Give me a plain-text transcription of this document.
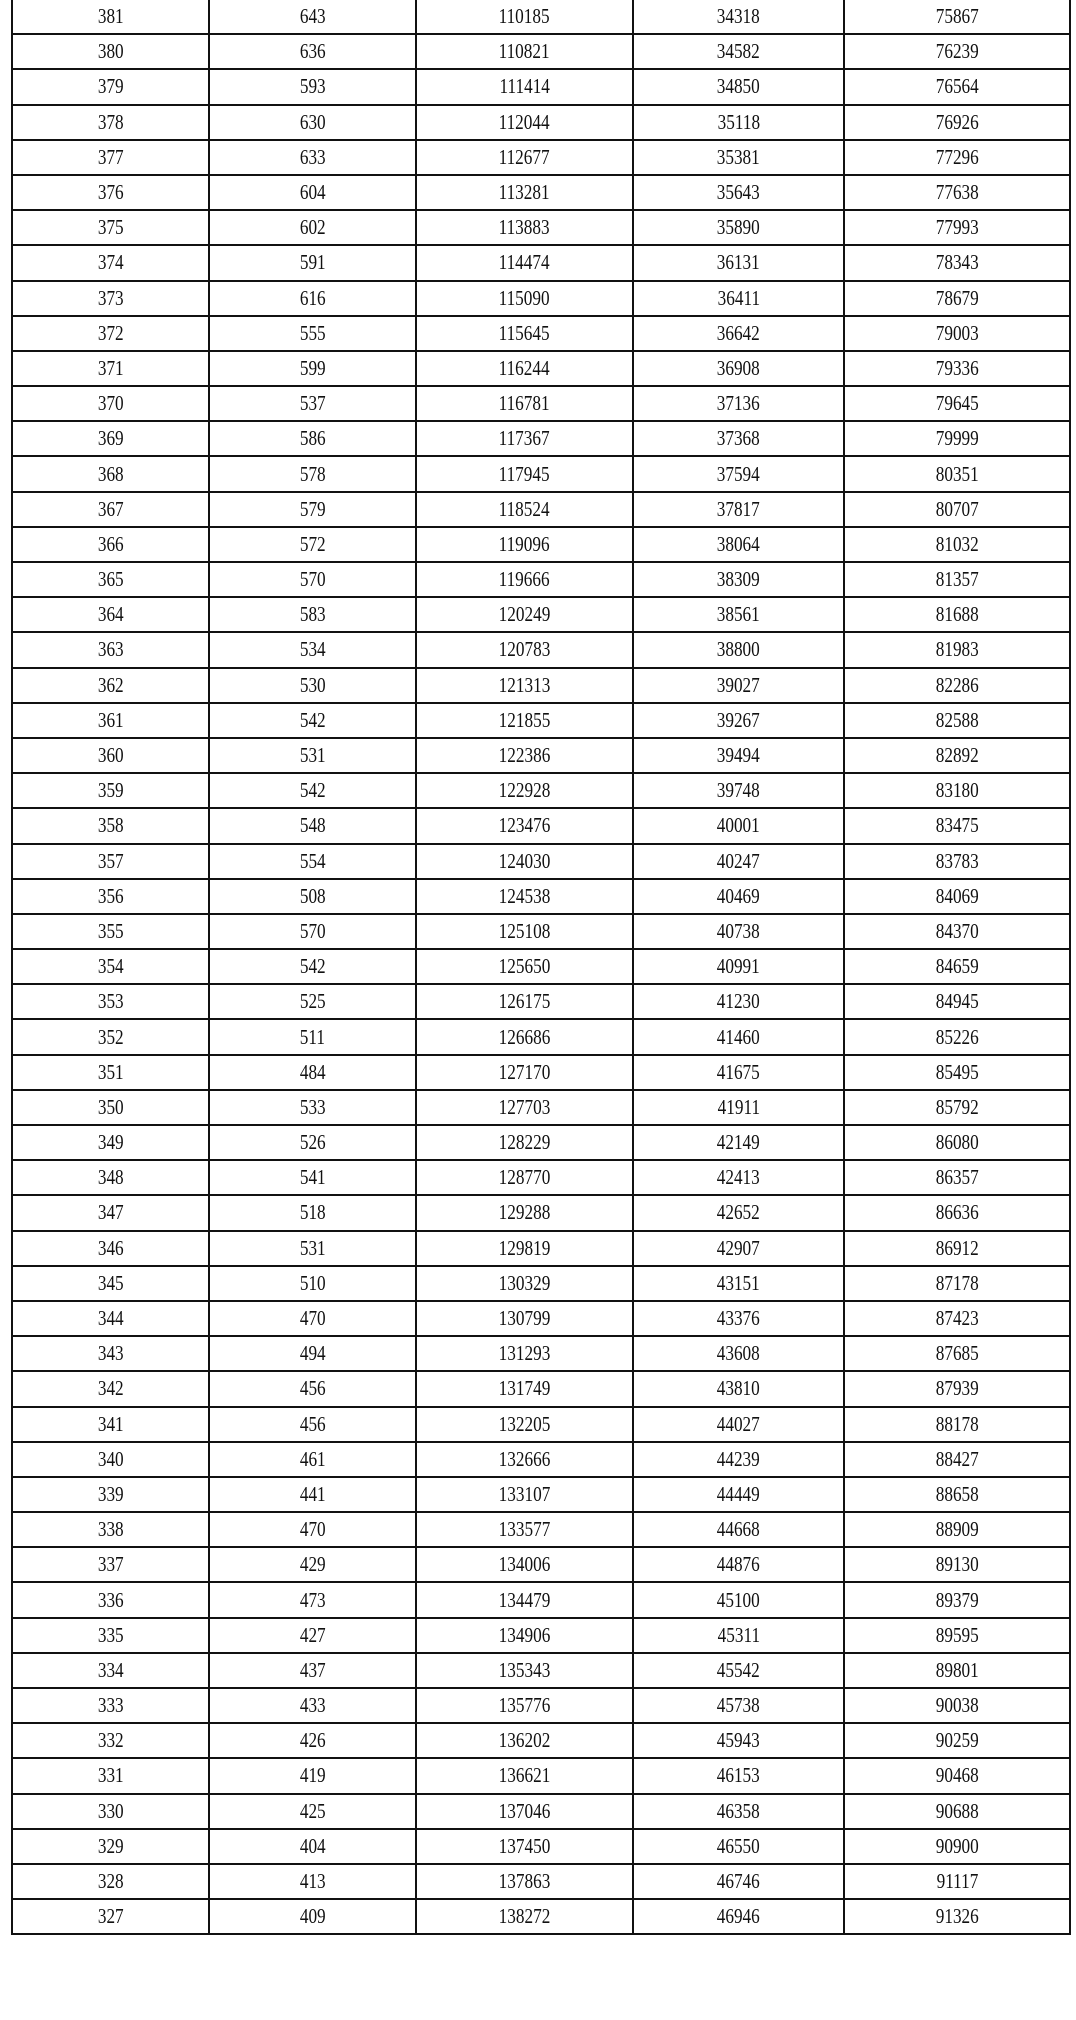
381	643	110185	34318	75867
380	636	110821	34582	76239
379	593	111414	34850	76564
378	630	112044	35118	76926
377	633	112677	35381	77296
376	604	113281	35643	77638
375	602	113883	35890	77993
374	591	114474	36131	78343
373	616	115090	36411	78679
372	555	115645	36642	79003
371	599	116244	36908	79336
370	537	116781	37136	79645
369	586	117367	37368	79999
368	578	117945	37594	80351
367	579	118524	37817	80707
366	572	119096	38064	81032
365	570	119666	38309	81357
364	583	120249	38561	81688
363	534	120783	38800	81983
362	530	121313	39027	82286
361	542	121855	39267	82588
360	531	122386	39494	82892
359	542	122928	39748	83180
358	548	123476	40001	83475
357	554	124030	40247	83783
356	508	124538	40469	84069
355	570	125108	40738	84370
354	542	125650	40991	84659
353	525	126175	41230	84945
352	511	126686	41460	85226
351	484	127170	41675	85495
350	533	127703	41911	85792
349	526	128229	42149	86080
348	541	128770	42413	86357
347	518	129288	42652	86636
346	531	129819	42907	86912
345	510	130329	43151	87178
344	470	130799	43376	87423
343	494	131293	43608	87685
342	456	131749	43810	87939
341	456	132205	44027	88178
340	461	132666	44239	88427
339	441	133107	44449	88658
338	470	133577	44668	88909
337	429	134006	44876	89130
336	473	134479	45100	89379
335	427	134906	45311	89595
334	437	135343	45542	89801
333	433	135776	45738	90038
332	426	136202	45943	90259
331	419	136621	46153	90468
330	425	137046	46358	90688
329	404	137450	46550	90900
328	413	137863	46746	91117
327	409	138272	46946	91326
